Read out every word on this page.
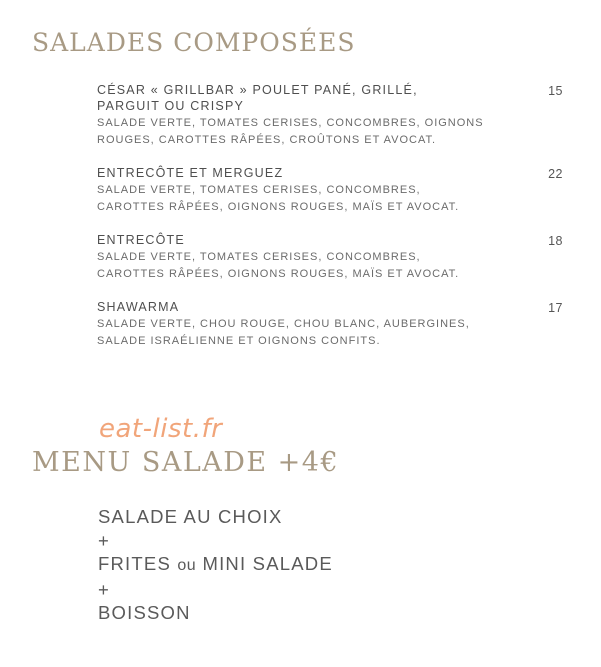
SALADES COMPOSÉES
CÉSAR « GRILLBAR » POULET PANÉ, GRILLÉ, PARGUIT OU CRISPY
SALADE VERTE, TOMATES CERISES, CONCOMBRES, OIGNONS ROUGES, CAROTTES RÂPÉES, CROÛTONS ET AVOCAT.
15
ENTRECÔTE ET MERGUEZ
SALADE VERTE, TOMATES CERISES, CONCOMBRES, CAROTTES RÂPÉES, OIGNONS ROUGES, MAÏS ET AVOCAT.
22
ENTRECÔTE
SALADE VERTE, TOMATES CERISES, CONCOMBRES, CAROTTES RÂPÉES, OIGNONS ROUGES, MAÏS ET AVOCAT.
18
SHAWARMA
SALADE VERTE, CHOU ROUGE, CHOU BLANC, AUBERGINES, SALADE ISRAÉLIENNE ET OIGNONS CONFITS.
17
eat-list.fr
MENU SALADE +4€
SALADE AU CHOIX
+
FRITES ou MINI SALADE
+
BOISSON
